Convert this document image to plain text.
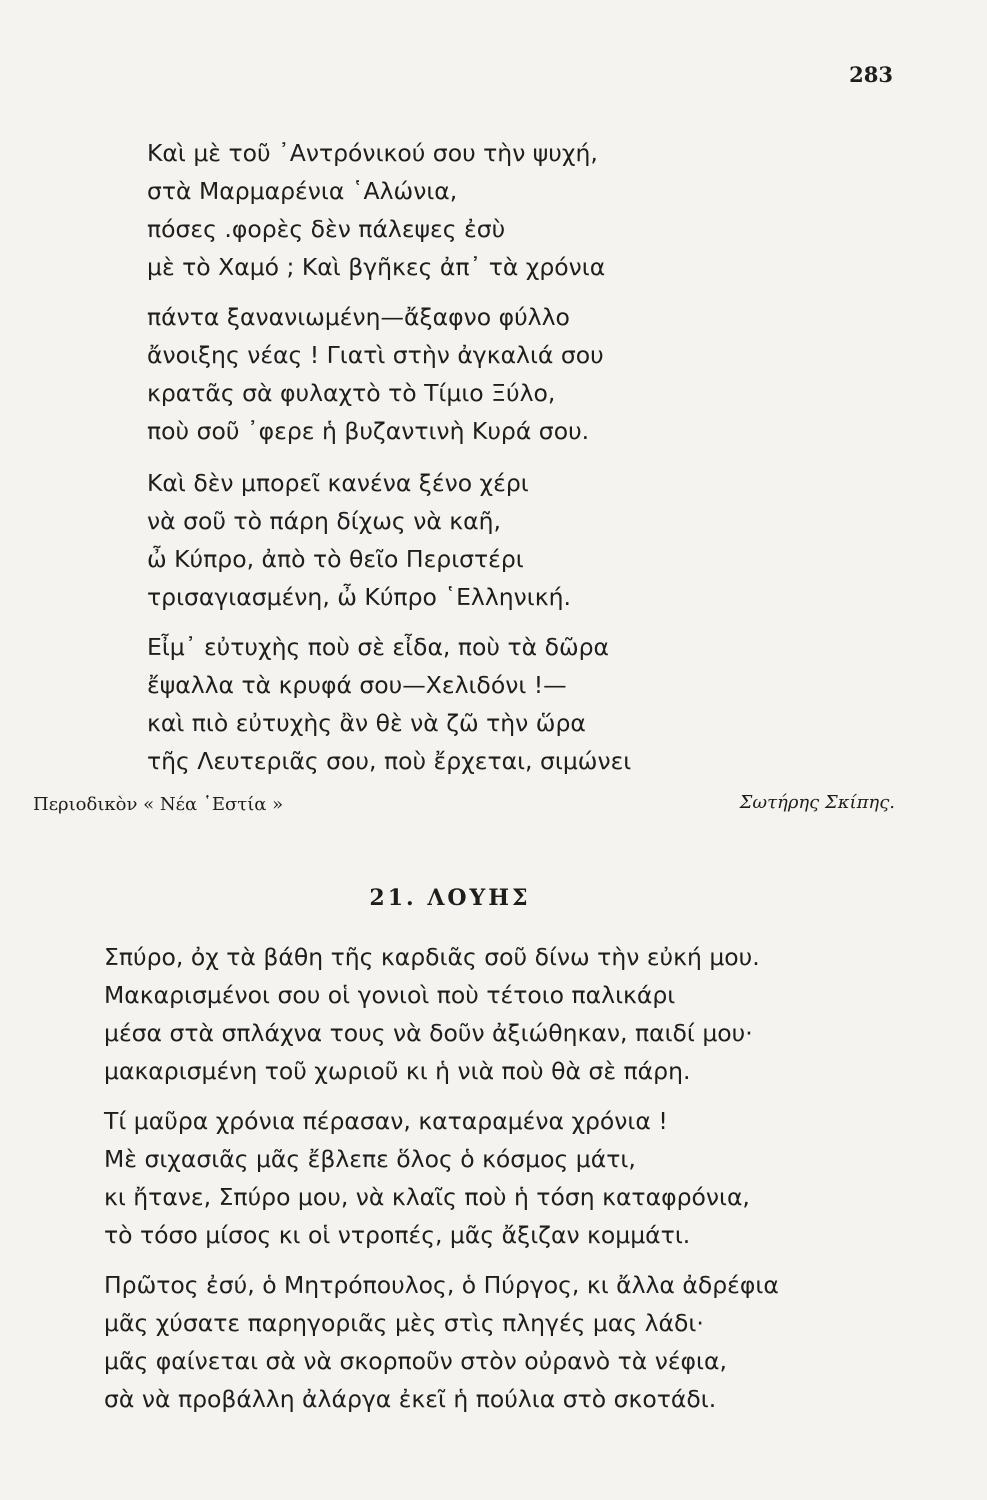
283
Καὶ μὲ τοῦ ᾿Αντρόνικού σου τὴν ψυχή,
στὰ Μαρμαρένια ῾Αλώνια,
πόσες .φορὲς δὲν πάλεψες ἐσὺ
μὲ τὸ Χαμό ; Καὶ βγῆκες ἀπ᾿ τὰ χρόνια
πάντα ξανανιωμένη—ἄξαφνο φύλλο
ἄνοιξης νέας ! Γιατὶ στὴν ἀγκαλιά σου
κρατᾶς σὰ φυλαχτὸ τὸ Τίμιο Ξύλο,
ποὺ σοῦ ᾿φερε ἡ βυζαντινὴ Κυρά σου.
Καὶ δὲν μπορεῖ κανένα ξένο χέρι
νὰ σοῦ τὸ πάρη δίχως νὰ καῆ,
ὦ Κύπρο, ἀπὸ τὸ θεῖο Περιστέρι
τρισαγιασμένη, ὦ Κύπρο ῾Ελληνική.
Εἶμ᾿ εὐτυχὴς ποὺ σὲ εἶδα, ποὺ τὰ δῶρα
ἔψαλλα τὰ κρυφά σου—Χελιδόνι !—
καὶ πιὸ εὐτυχὴς ἂν θὲ νὰ ζῶ τὴν ὥρα
τῆς Λευτεριᾶς σου, ποὺ ἔρχεται, σιμώνει
Περιοδικὸν « Νέα ῾Εστία »	Σωτήρης Σκίπης.
21. ΛΟΥΗΣ
Σπύρο, ὀχ τὰ βάθη τῆς καρδιᾶς σοῦ δίνω τὴν εὐκή μου.
Μακαρισμένοι σου οἱ γονιοὶ ποὺ τέτοιο παλικάρι
μέσα στὰ σπλάχνα τους νὰ δοῦν ἀξιώθηκαν, παιδί μου·
μακαρισμένη τοῦ χωριοῦ κι ἡ νιὰ ποὺ θὰ σὲ πάρη.
Τί μαῦρα χρόνια πέρασαν, καταραμένα χρόνια !
Μὲ σιχασιᾶς μᾶς ἔβλεπε ὅλος ὁ κόσμος μάτι,
κι ἤτανε, Σπύρο μου, νὰ κλαῖς ποὺ ἡ τόση καταφρόνια,
τὸ τόσο μίσος κι οἱ ντροπές, μᾶς ἄξιζαν κομμάτι.
Πρῶτος ἐσύ, ὁ Μητρόπουλος, ὁ Πύργος, κι ἄλλα ἀδρέφια
μᾶς χύσατε παρηγοριᾶς μὲς στὶς πληγές μας λάδι·
μᾶς φαίνεται σὰ νὰ σκορποῦν στὸν οὐρανὸ τὰ νέφια,
σὰ νὰ προβάλλη ἀλάργα ἐκεῖ ἡ πούλια στὸ σκοτάδι.
